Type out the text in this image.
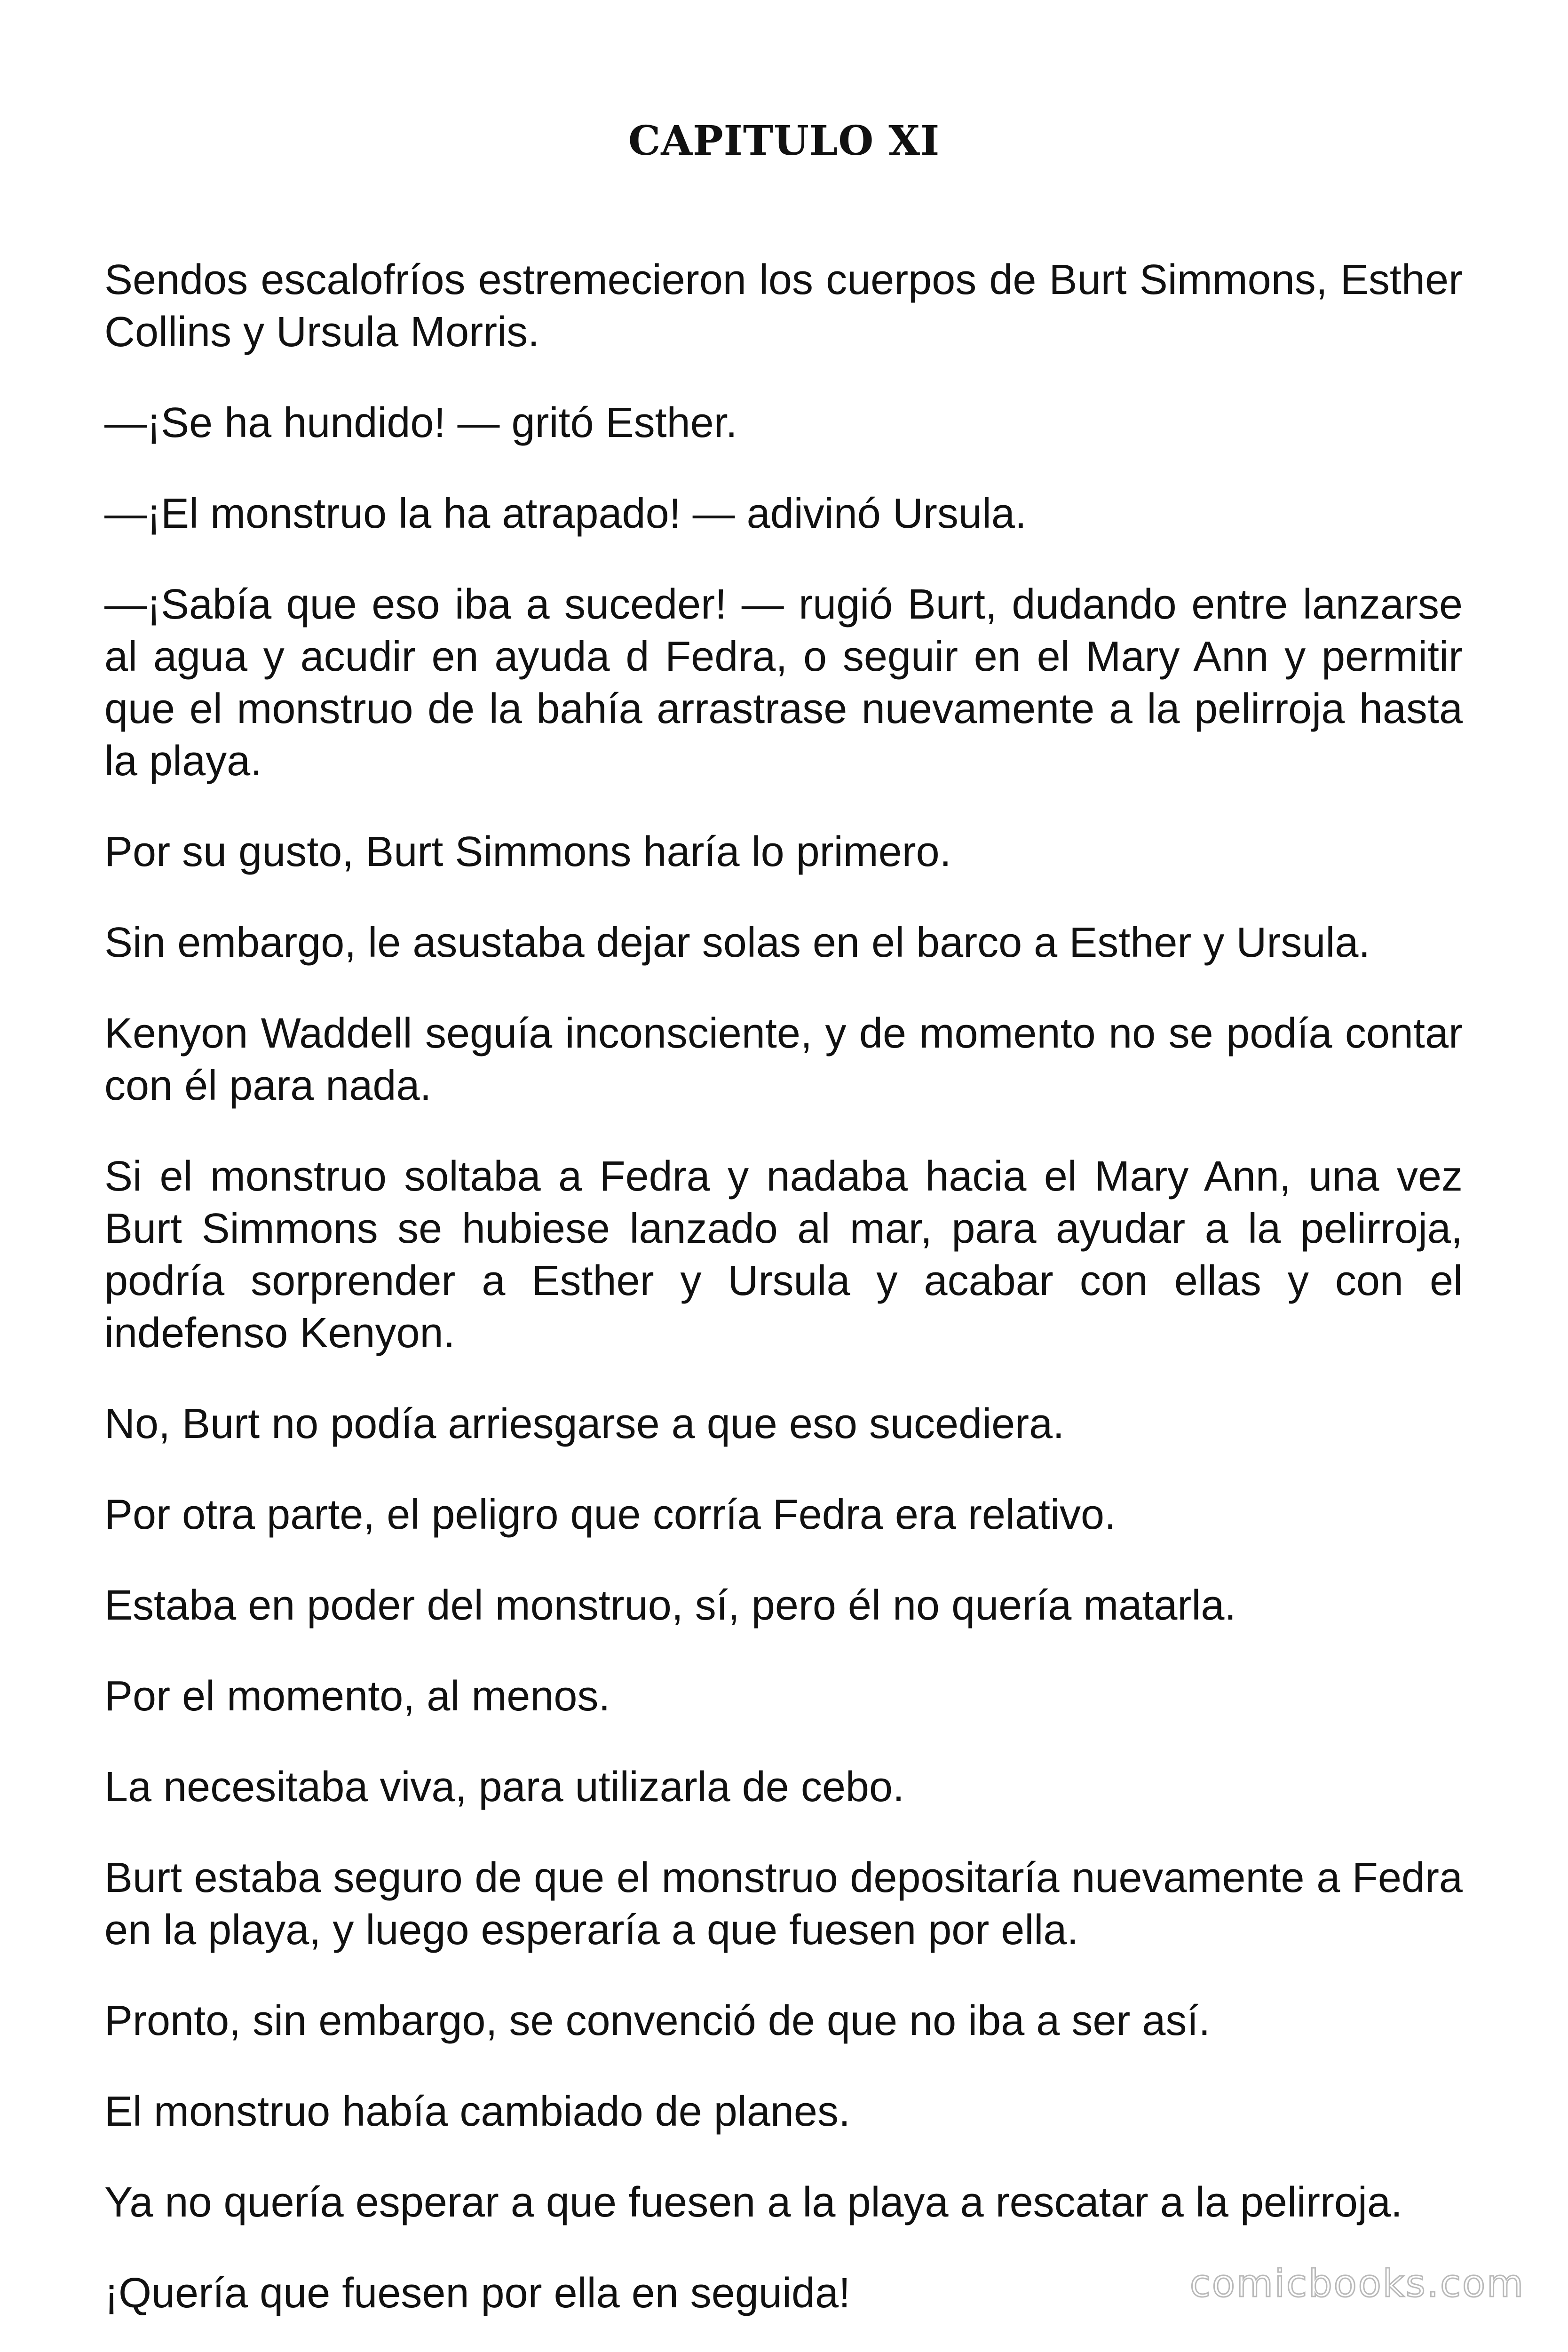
CAPITULO XI

Sendos escalofríos estremecieron los cuerpos de Burt Simmons, Esther Collins y Ursula Morris.

—¡Se ha hundido! — gritó Esther.

—¡El monstruo la ha atrapado! — adivinó Ursula.

—¡Sabía que eso iba a suceder! — rugió Burt, dudando entre lanzarse al agua y acudir en ayuda d Fedra, o seguir en el Mary Ann y permitir que el monstruo de la bahía arrastrase nuevamente a la pelirroja hasta la playa.

Por su gusto, Burt Simmons haría lo primero.

Sin embargo, le asustaba dejar solas en el barco a Esther y Ursula.

Kenyon Waddell seguía inconsciente, y de momento no se podía contar con él para nada.

Si el monstruo soltaba a Fedra y nadaba hacia el Mary Ann, una vez Burt Simmons se hubiese lanzado al mar, para ayudar a la pelirroja, podría sorprender a Esther y Ursula y acabar con ellas y con el indefenso Kenyon.

No, Burt no podía arriesgarse a que eso sucediera.

Por otra parte, el peligro que corría Fedra era relativo.

Estaba en poder del monstruo, sí, pero él no quería matarla.

Por el momento, al menos.

La necesitaba viva, para utilizarla de cebo.

Burt estaba seguro de que el monstruo depositaría nuevamente a Fedra en la playa, y luego esperaría a que fuesen por ella.

Pronto, sin embargo, se convenció de que no iba a ser así.

El monstruo había cambiado de planes.

Ya no quería esperar a que fuesen a la playa a rescatar a la pelirroja.

¡Quería que fuesen por ella en seguida!	comicbooks.com
